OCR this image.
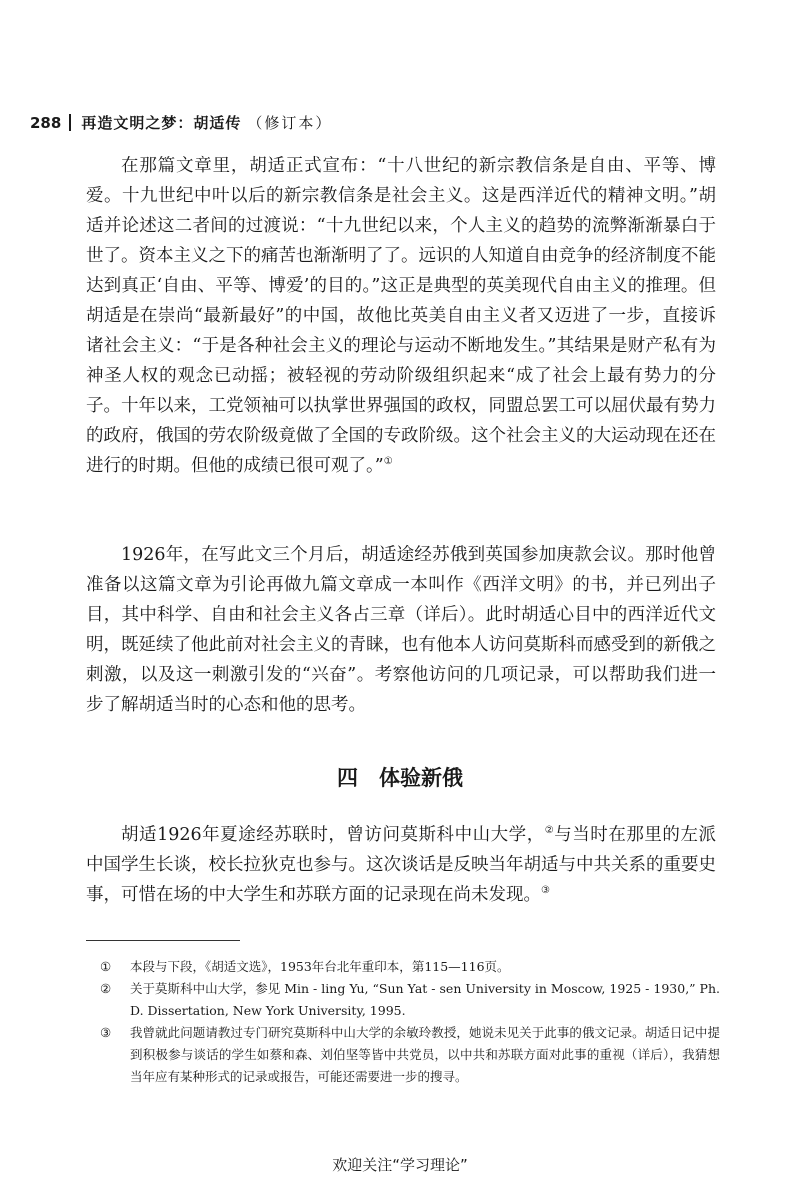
288 再造文明之梦：胡适传 （修订本）

在那篇文章里，胡适正式宣布：“十八世纪的新宗教信条是自由、平等、博爱。十九世纪中叶以后的新宗教信条是社会主义。这是西洋近代的精神文明。”胡适并论述这二者间的过渡说：“十九世纪以来，个人主义的趋势的流弊渐渐暴白于世了。资本主义之下的痛苦也渐渐明了了。远识的人知道自由竞争的经济制度不能达到真正‘自由、平等、博爱’的目的。”这正是典型的英美现代自由主义的推理。但胡适是在崇尚“最新最好”的中国，故他比英美自由主义者又迈进了一步，直接诉诸社会主义：“于是各种社会主义的理论与运动不断地发生。”其结果是财产私有为神圣人权的观念已动摇；被轻视的劳动阶级组织起来“成了社会上最有势力的分子。十年以来，工党领袖可以执掌世界强国的政权，同盟总罢工可以屈伏最有势力的政府，俄国的劳农阶级竟做了全国的专政阶级。这个社会主义的大运动现在还在进行的时期。但他的成绩已很可观了。”①

1926年，在写此文三个月后，胡适途经苏俄到英国参加庚款会议。那时他曾准备以这篇文章为引论再做九篇文章成一本叫作《西洋文明》的书，并已列出子目，其中科学、自由和社会主义各占三章（详后）。此时胡适心目中的西洋近代文明，既延续了他此前对社会主义的青睐，也有他本人访问莫斯科而感受到的新俄之刺激，以及这一刺激引发的“兴奋”。考察他访问的几项记录，可以帮助我们进一步了解胡适当时的心态和他的思考。

四　体验新俄

胡适1926年夏途经苏联时，曾访问莫斯科中山大学，②与当时在那里的左派中国学生长谈，校长拉狄克也参与。这次谈话是反映当年胡适与中共关系的重要史事，可惜在场的中大学生和苏联方面的记录现在尚未发现。③

①	本段与下段，《胡适文选》，1953年台北年重印本，第115—116页。
②	关于莫斯科中山大学，参见 Min - ling Yu, “Sun Yat - sen University in Moscow, 1925 - 1930,” Ph. D. Dissertation, New York University, 1995.
③	我曾就此问题请教过专门研究莫斯科中山大学的余敏玲教授，她说未见关于此事的俄文记录。胡适日记中提到积极参与谈话的学生如蔡和森、刘伯坚等皆中共党员，以中共和苏联方面对此事的重视（详后），我猜想当年应有某种形式的记录或报告，可能还需要进一步的搜寻。
欢迎关注“学习理论”
